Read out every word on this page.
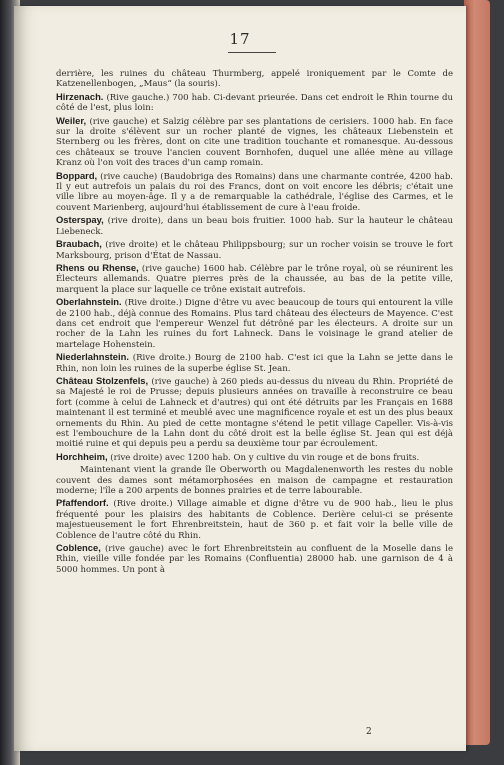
17

derrière, les ruines du château Thurmberg, appelé ironiquement par le Comte de Katzenellenbogen, „Maus“ (la souris).

Hirzenach. (Rive gauche.) 700 hab. Ci-devant prieurée. Dans cet endroit le Rhin tourne du côté de l'est, plus loin:

Weiler, (rive gauche) et Salzig célèbre par ses plantations de cerisiers. 1000 hab. En face sur la droite s'élèvent sur un rocher planté de vignes, les châteaux Liebenstein et Sternberg ou les frères, dont on cite une tradition touchante et romanesque. Au-dessous ces châteaux se trouve l'ancien couvent Bornhofen, duquel une allée mène au village Kranz où l'on voit des traces d'un camp romain.

Boppard, (rive cauche) (Baudobriga des Romains) dans une charmante contrée, 4200 hab. Il y eut autrefois un palais du roi des Francs, dont on voit encore les débris; c'était une ville libre au moyen-âge. Il y a de remarquable la cathédrale, l'église des Carmes, et le couvent Marienberg, aujourd'hui établissement de cure à l'eau froide.

Osterspay, (rive droite), dans un beau bois fruitier. 1000 hab. Sur la hauteur le château Liebeneck.

Braubach, (rive droite) et le château Philippsbourg; sur un rocher voisin se trouve le fort Marksbourg, prison d'État de Nassau.

Rhens ou Rhense, (rive gauche) 1600 hab. Célèbre par le trône royal, où se réunirent les Électeurs allemands. Quatre pierres près de la chaussée, au bas de la petite ville, marquent la place sur laquelle ce trône existait autrefois.

Oberlahnstein. (Rive droite.) Digne d'être vu avec beaucoup de tours qui entourent la ville de 2100 hab., déjà connue des Romains. Plus tard château des électeurs de Mayence. C'est dans cet endroit que l'empereur Wenzel fut détrôné par les électeurs. A droite sur un rocher de la Lahn les ruines du fort Lahneck. Dans le voisinage le grand atelier de martelage Hohenstein.

Niederlahnstein. (Rive droite.) Bourg de 2100 hab. C'est ici que la Lahn se jette dans le Rhin, non loin les ruines de la superbe église St. Jean.

Château Stolzenfels, (rive gauche) à 260 pieds au-dessus du niveau du Rhin. Propriété de sa Majesté le roi de Prusse; depuis plusieurs années on travaille à reconstruire ce beau fort (comme à celui de Lahneck et d'autres) qui ont été détruits par les Français en 1688 maintenant il est terminé et meublé avec une magnificence royale et est un des plus beaux ornements du Rhin. Au pied de cette montagne s'étend le petit village Capeller. Vis-à-vis est l'embouchure de la Lahn dont du côté droit est la belle église St. Jean qui est déjà moitié ruine et qui depuis peu a perdu sa deuxième tour par écroulement.

Horchheim, (rive droite) avec 1200 hab. On y cultive du vin rouge et de bons fruits.

Maintenant vient la grande île Oberworth ou Magdalenenworth les restes du noble couvent des dames sont métamorphosées en maison de campagne et restauration moderne; l'île a 200 arpents de bonnes prairies et de terre labourable.

Pfaffendorf. (Rive droite.) Village aimable et digne d'être vu de 900 hab., lieu le plus fréquenté pour les plaisirs des habitants de Coblence. Derière celui-ci se présente majestueusement le fort Ehrenbreitstein, haut de 360 p. et fait voir la belle ville de Coblence de l'autre côté du Rhin.

Coblence, (rive gauche) avec le fort Ehrenbreitstein au confluent de la Moselle dans le Rhin, vieille ville fondée par les Romains (Confluentia) 28000 hab. une garnison de 4 à 5000 hommes. Un pont à

2
